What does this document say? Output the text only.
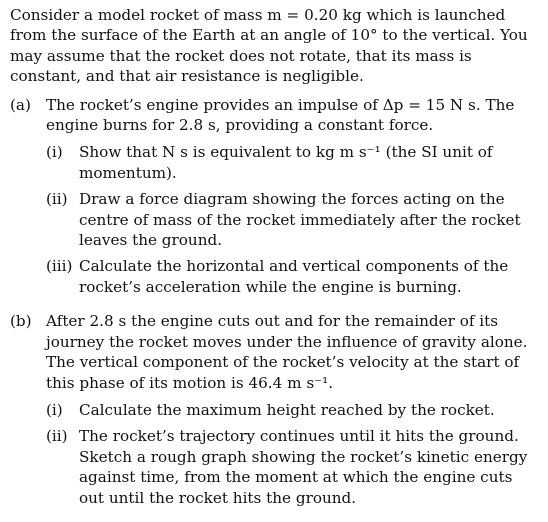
Consider a model rocket of mass m = 0.20 kg which is launched from the surface of the Earth at an angle of 10° to the vertical. You may assume that the rocket does not rotate, that its mass is constant, and that air resistance is negligible.

(a) The rocket’s engine provides an impulse of Δp = 15 N s. The engine burns for 2.8 s, providing a constant force.

(i)	Show that N s is equivalent to kg m s⁻¹ (the SI unit of momentum).
(ii) Draw a force diagram showing the forces acting on the centre of mass of the rocket immediately after the rocket leaves the ground.
(iii) Calculate the horizontal and vertical components of the rocket’s acceleration while the engine is burning.
(b) After 2.8 s the engine cuts out and for the remainder of its journey the rocket moves under the influence of gravity alone. The vertical component of the rocket’s velocity at the start of this phase of its motion is 46.4 m s⁻¹.

(i)	Calculate the maximum height reached by the rocket.
(ii) The rocket’s trajectory continues until it hits the ground. Sketch a rough graph showing the rocket’s kinetic energy against time, from the moment at which the engine cuts out until the rocket hits the ground.
